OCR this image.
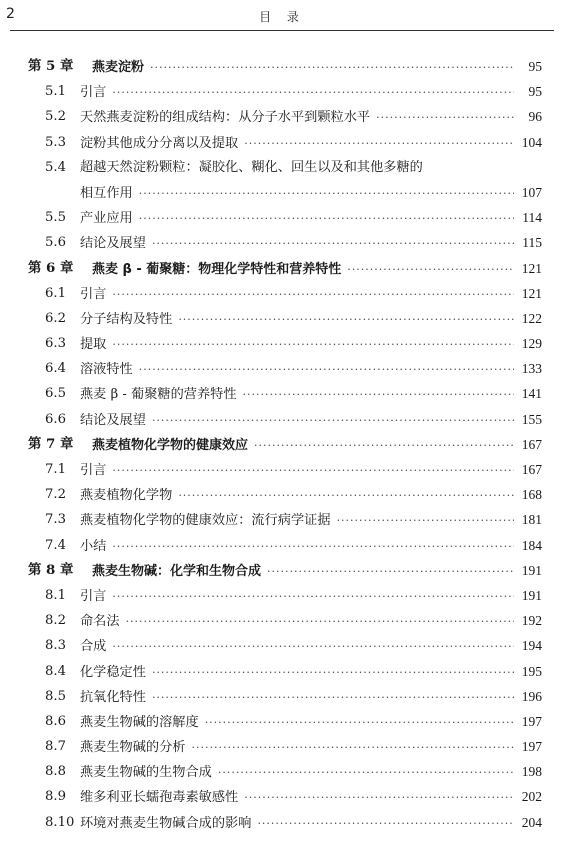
2	目 录
第 5 章 燕麦淀粉 ·····	95
5.1 引言 ·····	95
5.2 天然燕麦淀粉的组成结构：从分子水平到颗粒水平 ·····	96
5.3 淀粉其他成分分离以及提取 ·····	104
5.4 超越天然淀粉颗粒：凝胶化、糊化、回生以及和其他多糖的
相互作用 ·····	107
5.5 产业应用 ·····	114
5.6 结论及展望 ·····	115
第 6 章 燕麦 β - 葡聚糖：物理化学特性和营养特性 ·····	121
6.1 引言 ·····	121
6.2 分子结构及特性 ·····	122
6.3 提取 ·····	129
6.4 溶液特性 ·····	133
6.5 燕麦 β - 葡聚糖的营养特性 ·····	141
6.6 结论及展望 ·····	155
第 7 章 燕麦植物化学物的健康效应 ·····	167
7.1 引言 ·····	167
7.2 燕麦植物化学物 ·····	168
7.3 燕麦植物化学物的健康效应：流行病学证据 ·····	181
7.4 小结 ·····	184
第 8 章 燕麦生物碱：化学和生物合成 ·····	191
8.1 引言 ·····	191
8.2 命名法 ·····	192
8.3 合成 ·····	194
8.4 化学稳定性 ·····	195
8.5 抗氧化特性 ·····	196
8.6 燕麦生物碱的溶解度 ·····	197
8.7 燕麦生物碱的分析 ·····	197
8.8 燕麦生物碱的生物合成 ·····	198
8.9 维多利亚长蠕孢毒素敏感性 ·····	202
8.10 环境对燕麦生物碱合成的影响 ·····	204
